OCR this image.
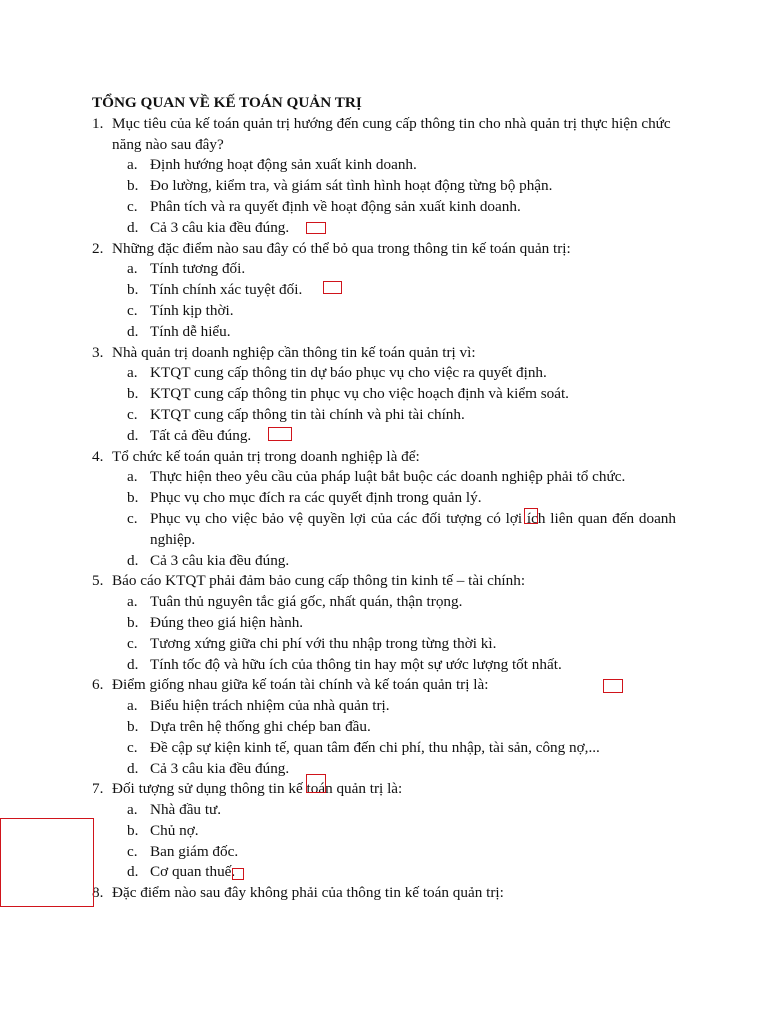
TỔNG QUAN VỀ KẾ TOÁN QUẢN TRỊ
1. Mục tiêu của kế toán quản trị hướng đến cung cấp thông tin cho nhà quản trị thực hiện chức năng nào sau đây?
a. Định hướng hoạt động sản xuất kinh doanh.
b. Đo lường, kiểm tra, và giám sát tình hình hoạt động từng bộ phận.
c. Phân tích và ra quyết định về hoạt động sản xuất kinh doanh.
d. Cả 3 câu kia đều đúng.
2. Những đặc điểm nào sau đây có thể bỏ qua trong thông tin kế toán quản trị:
a. Tính tương đối.
b. Tính chính xác tuyệt đối.
c. Tính kịp thời.
d. Tính dễ hiểu.
3. Nhà quản trị doanh nghiệp cần thông tin kế toán quản trị vì:
a. KTQT cung cấp thông tin dự báo phục vụ cho việc ra quyết định.
b. KTQT cung cấp thông tin phục vụ cho việc hoạch định và kiểm soát.
c. KTQT cung cấp thông tin tài chính và phi tài chính.
d. Tất cả đều đúng.
4. Tổ chức kế toán quản trị trong doanh nghiệp là để:
a. Thực hiện theo yêu cầu của pháp luật bắt buộc các doanh nghiệp phải tổ chức.
b. Phục vụ cho mục đích ra các quyết định trong quản lý.
c. Phục vụ cho việc bảo vệ quyền lợi của các đối tượng có lợi ích liên quan đến doanh nghiệp.
d. Cả 3 câu kia đều đúng.
5. Báo cáo KTQT phải đảm bảo cung cấp thông tin kinh tế – tài chính:
a. Tuân thủ nguyên tắc giá gốc, nhất quán, thận trọng.
b. Đúng theo giá hiện hành.
c. Tương xứng giữa chi phí với thu nhập trong từng thời kì.
d. Tính tốc độ và hữu ích của thông tin hay một sự ước lượng tốt nhất.
6. Điểm giống nhau giữa kế toán tài chính và kế toán quản trị là:
a. Biểu hiện trách nhiệm của nhà quản trị.
b. Dựa trên hệ thống ghi chép ban đầu.
c. Đề cập sự kiện kinh tế, quan tâm đến chi phí, thu nhập, tài sản, công nợ,...
d. Cả 3 câu kia đều đúng.
7. Đối tượng sử dụng thông tin kế toán quản trị là:
a. Nhà đầu tư.
b. Chủ nợ.
c. Ban giám đốc.
d. Cơ quan thuế.
8. Đặc điểm nào sau đây không phải của thông tin kế toán quản trị:
